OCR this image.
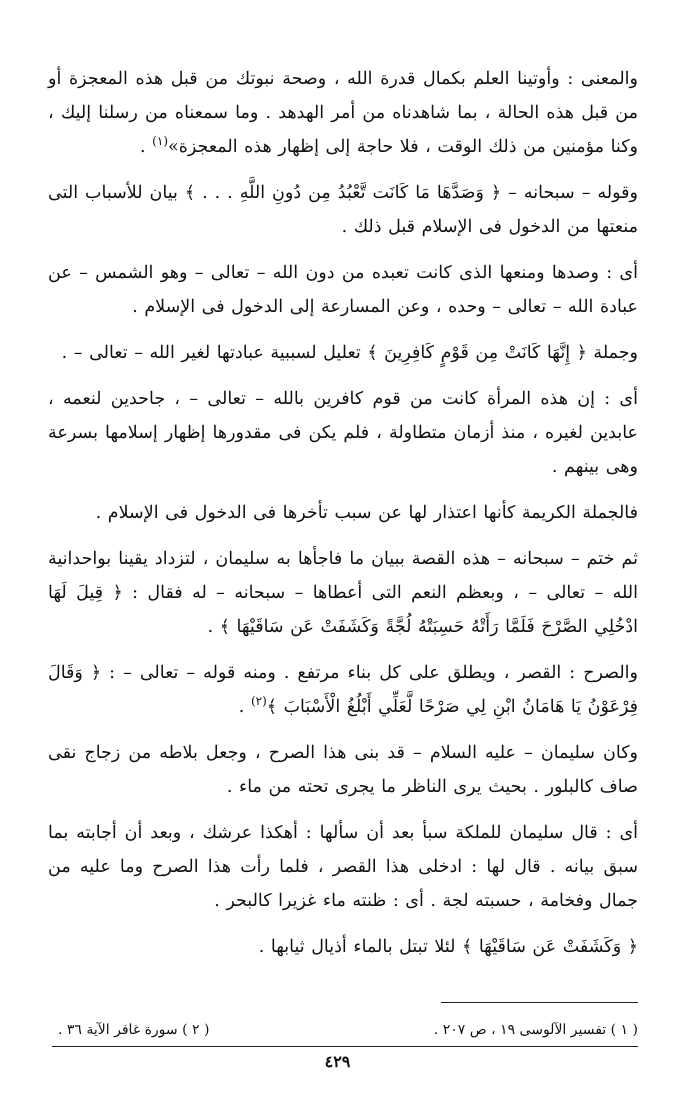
والمعنى : وأوتينا العلم بكمال قدرة الله ، وصحة نبوتك من قبل هذه المعجزة أو من قبل هذه الحالة ، بما شاهدناه من أمر الهدهد . وما سمعناه من رسلنا إليك ، وكنا مؤمنين من ذلك الوقت ، فلا حاجة إلى إظهار هذه المعجزة»$^{(١)}$ .

وقوله – سبحانه – ﴿ وَصَدَّهَا مَا كَانَت تَّعْبُدُ مِن دُونِ اللَّهِ . . . ﴾ بيان للأسباب التى منعتها من الدخول فى الإسلام قبل ذلك .

أى : وصدها ومنعها الذى كانت تعبده من دون الله – تعالى – وهو الشمس – عن عبادة الله – تعالى – وحده ، وعن المسارعة إلى الدخول فى الإسلام .

وجملة ﴿ إِنَّهَا كَانَتْ مِن قَوْمٍ كَافِرِينَ ﴾ تعليل لسببية عبادتها لغير الله – تعالى – .

أى : إن هذه المرأة كانت من قوم كافرين بالله – تعالى – ، جاحدين لنعمه ، عابدين لغيره ، منذ أزمان متطاولة ، فلم يكن فى مقدورها إظهار إسلامها بسرعة وهى بينهم .

فالجملة الكريمة كأنها اعتذار لها عن سبب تأخرها فى الدخول فى الإسلام .

ثم ختم – سبحانه – هذه القصة ببيان ما فاجأها به سليمان ، لتزداد يقينا بواحدانية الله – تعالى – ، وبعظم النعم التى أعطاها – سبحانه – له فقال : ﴿ قِيلَ لَهَا ادْخُلِي الصَّرْحَ فَلَمَّا رَأَتْهُ حَسِبَتْهُ لُجَّةً وَكَشَفَتْ عَن سَاقَيْهَا ﴾ .

والصرح : القصر ، ويطلق على كل بناء مرتفع . ومنه قوله – تعالى – : ﴿ وَقَالَ فِرْعَوْنُ يَا هَامَانُ ابْنِ لِي صَرْحًا لَّعَلِّي أَبْلُغُ الْأَسْبَابَ ﴾$^{(٢)}$ .

وكان سليمان – عليه السلام – قد بنى هذا الصرح ، وجعل بلاطه من زجاج نقى صاف كالبلور . بحيث يرى الناظر ما يجرى تحته من ماء .

أى : قال سليمان للملكة سبأ بعد أن سألها : أهكذا عرشك ، وبعد أن أجابته بما سبق بيانه . قال لها : ادخلى هذا القصر ، فلما رأت هذا الصرح وما عليه من جمال وفخامة ، حسبته لجة . أى : ظنته ماء غزيرا كالبحر .

﴿ وَكَشَفَتْ عَن سَاقَيْهَا ﴾ لئلا تبتل بالماء أذيال ثيابها .

( ١ ) تفسير الآلوسى ١٩ ، ص ٢٠٧ .
( ٢ ) سورة غافر الآية ٣٦ .
٤٢٩
